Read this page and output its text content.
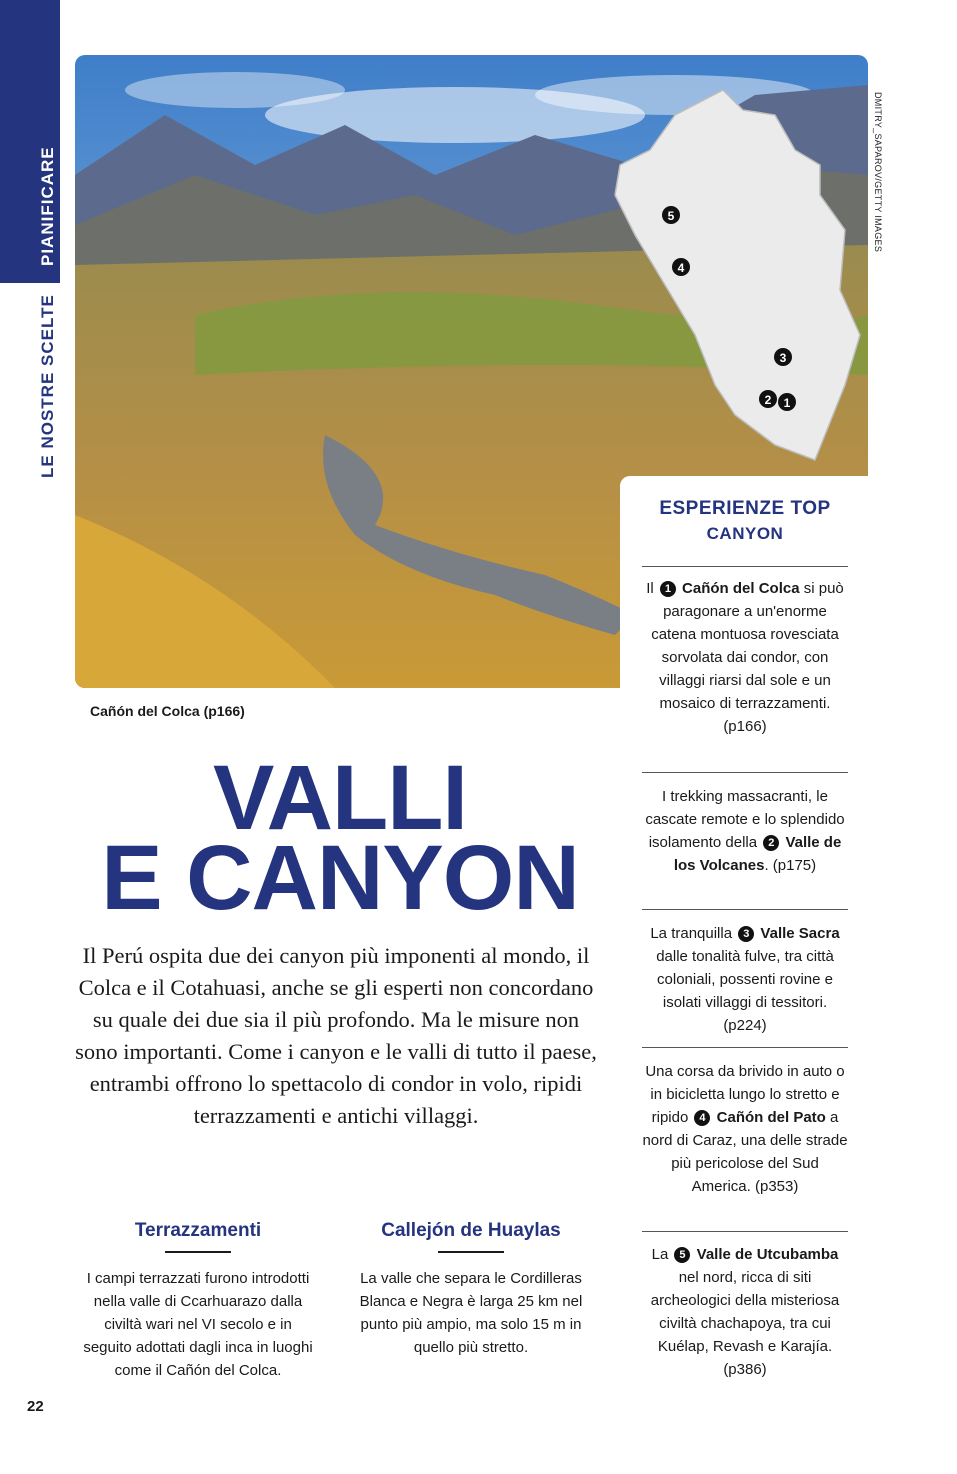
PIANIFICARE
LE NOSTRE SCELTE
5
4
3
2 1
DMITRY_SAPAROV/GETTY IMAGES
Cañón del Colca (p166)
VALLI
E CANYON
Il Perú ospita due dei canyon più imponenti al mondo, il Colca e il Cotahuasi, anche se gli esperti non concordano su quale dei due sia il più profondo. Ma le misure non sono importanti. Come i canyon e le valli di tutto il paese, entrambi offrono lo spettacolo di condor in volo, ripidi terrazzamenti e antichi villaggi.
Terrazzamenti

I campi terrazzati furono introdotti nella valle di Ccarhuarazo dalla civiltà wari nel VI secolo e in seguito adottati dagli inca in luoghi come il Cañón del Colca.

Callejón de Huaylas

La valle che separa le Cordilleras Blanca e Negra è larga 25 km nel punto più ampio, ma solo 15 m in quello più stretto.

22
ESPERIENZE TOP
CANYON
Il 1 Cañón del Colca si può paragonare a un'enorme catena montuosa rovesciata sorvolata dai condor, con villaggi riarsi dal sole e un mosaico di terrazzamenti. (p166)
I trekking massacranti, le cascate remote e lo splendido isolamento della 2 Valle de los Volcanes. (p175)
La tranquilla 3 Valle Sacra dalle tonalità fulve, tra città coloniali, possenti rovine e isolati villaggi di tessitori. (p224)
Una corsa da brivido in auto o in bicicletta lungo lo stretto e ripido 4 Cañón del Pato a nord di Caraz, una delle strade più pericolose del Sud America. (p353)
La 5 Valle de Utcubamba nel nord, ricca di siti archeologici della misteriosa civiltà chachapoya, tra cui Kuélap, Revash e Karajía. (p386)
